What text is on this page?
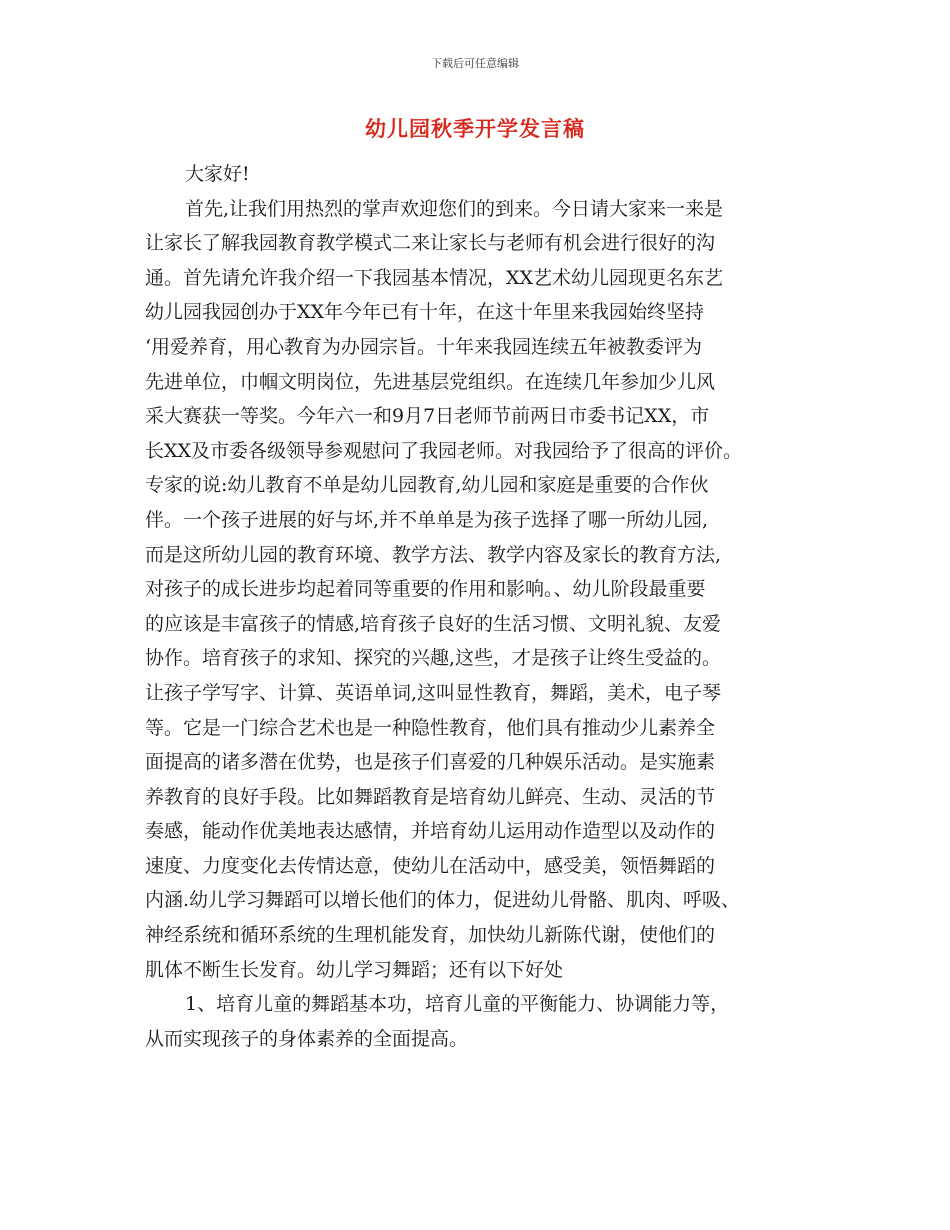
下载后可任意编辑
幼儿园秋季开学发言稿
大家好!
首先,让我们用热烈的掌声欢迎您们的到来。今日请大家来一来是
让家长了解我园教育教学模式二来让家长与老师有机会进行很好的沟
通。首先请允许我介绍一下我园基本情况，XX艺术幼儿园现更名东艺
幼儿园我园创办于XX年今年已有十年，在这十年里来我园始终坚持
‘用爱养育，用心教育为办园宗旨。十年来我园连续五年被教委评为
先进单位，巾帼文明岗位，先进基层党组织。在连续几年参加少儿风
采大赛获一等奖。今年六一和9月7日老师节前两日市委书记XX，市
长XX及市委各级领导参观慰问了我园老师。对我园给予了很高的评价。
专家的说:幼儿教育不单是幼儿园教育,幼儿园和家庭是重要的合作伙
伴。一个孩子进展的好与坏,并不单单是为孩子选择了哪一所幼儿园,
而是这所幼儿园的教育环境、教学方法、教学内容及家长的教育方法,
对孩子的成长进步均起着同等重要的作用和影响。、幼儿阶段最重要
的应该是丰富孩子的情感,培育孩子良好的生活习惯、文明礼貌、友爱
协作。培育孩子的求知、探究的兴趣,这些，才是孩子让终生受益的。
让孩子学写字、计算、英语单词,这叫显性教育，舞蹈，美术，电子琴
等。它是一门综合艺术也是一种隐性教育，他们具有推动少儿素养全
面提高的诸多潜在优势，也是孩子们喜爱的几种娱乐活动。是实施素
养教育的良好手段。比如舞蹈教育是培育幼儿鲜亮、生动、灵活的节
奏感，能动作优美地表达感情，并培育幼儿运用动作造型以及动作的
速度、力度变化去传情达意，使幼儿在活动中，感受美，领悟舞蹈的
内涵.幼儿学习舞蹈可以增长他们的体力，促进幼儿骨骼、肌肉、呼吸、
神经系统和循环系统的生理机能发育，加快幼儿新陈代谢，使他们的
肌体不断生长发育。幼儿学习舞蹈；还有以下好处
1、培育儿童的舞蹈基本功，培育儿童的平衡能力、协调能力等，
从而实现孩子的身体素养的全面提高。
